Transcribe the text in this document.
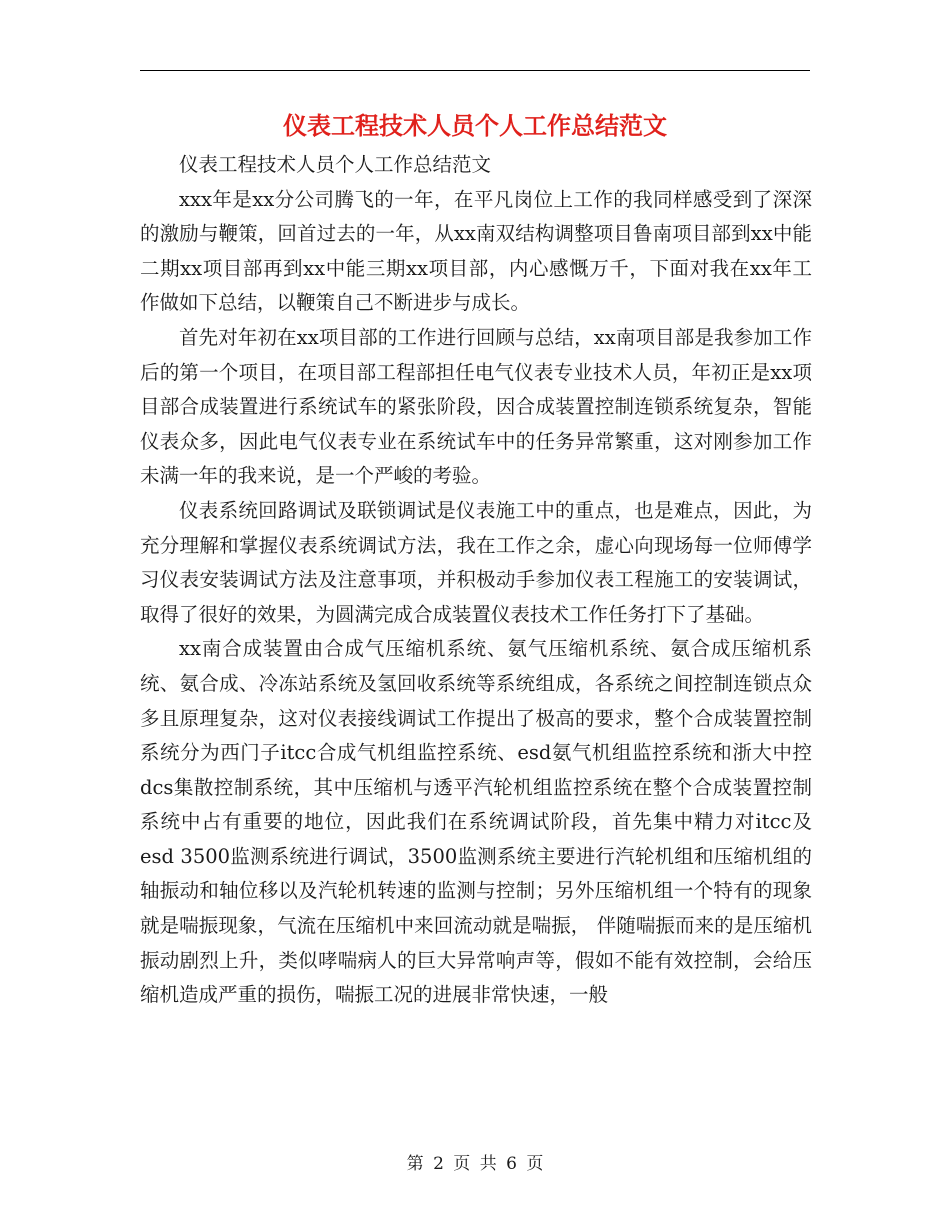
仪表工程技术人员个人工作总结范文

仪表工程技术人员个人工作总结范文

xxx年是xx分公司腾飞的一年，在平凡岗位上工作的我同样感受到了深深的激励与鞭策，回首过去的一年，从xx南双结构调整项目鲁南项目部到xx中能二期xx项目部再到xx中能三期xx项目部，内心感慨万千，下面对我在xx年工作做如下总结，以鞭策自己不断进步与成长。

首先对年初在xx项目部的工作进行回顾与总结，xx南项目部是我参加工作后的第一个项目，在项目部工程部担任电气仪表专业技术人员，年初正是xx项目部合成装置进行系统试车的紧张阶段，因合成装置控制连锁系统复杂，智能仪表众多，因此电气仪表专业在系统试车中的任务异常繁重，这对刚参加工作未满一年的我来说，是一个严峻的考验。

仪表系统回路调试及联锁调试是仪表施工中的重点，也是难点，因此，为充分理解和掌握仪表系统调试方法，我在工作之余，虚心向现场每一位师傅学习仪表安装调试方法及注意事项，并积极动手参加仪表工程施工的安装调试，取得了很好的效果，为圆满完成合成装置仪表技术工作任务打下了基础。

xx南合成装置由合成气压缩机系统、氨气压缩机系统、氨合成压缩机系统、氨合成、冷冻站系统及氢回收系统等系统组成，各系统之间控制连锁点众多且原理复杂，这对仪表接线调试工作提出了极高的要求，整个合成装置控制系统分为西门子itcc合成气机组监控系统、esd氨气机组监控系统和浙大中控dcs集散控制系统，其中压缩机与透平汽轮机组监控系统在整个合成装置控制系统中占有重要的地位，因此我们在系统调试阶段，首先集中精力对itcc及esd 3500监测系统进行调试，3500监测系统主要进行汽轮机组和压缩机组的轴振动和轴位移以及汽轮机转速的监测与控制；另外压缩机组一个特有的现象就是喘振现象，气流在压缩机中来回流动就是喘振， 伴随喘振而来的是压缩机振动剧烈上升，类似哮喘病人的巨大异常响声等，假如不能有效控制，会给压缩机造成严重的损伤，喘振工况的进展非常快速，一般

第 2 页 共 6 页
